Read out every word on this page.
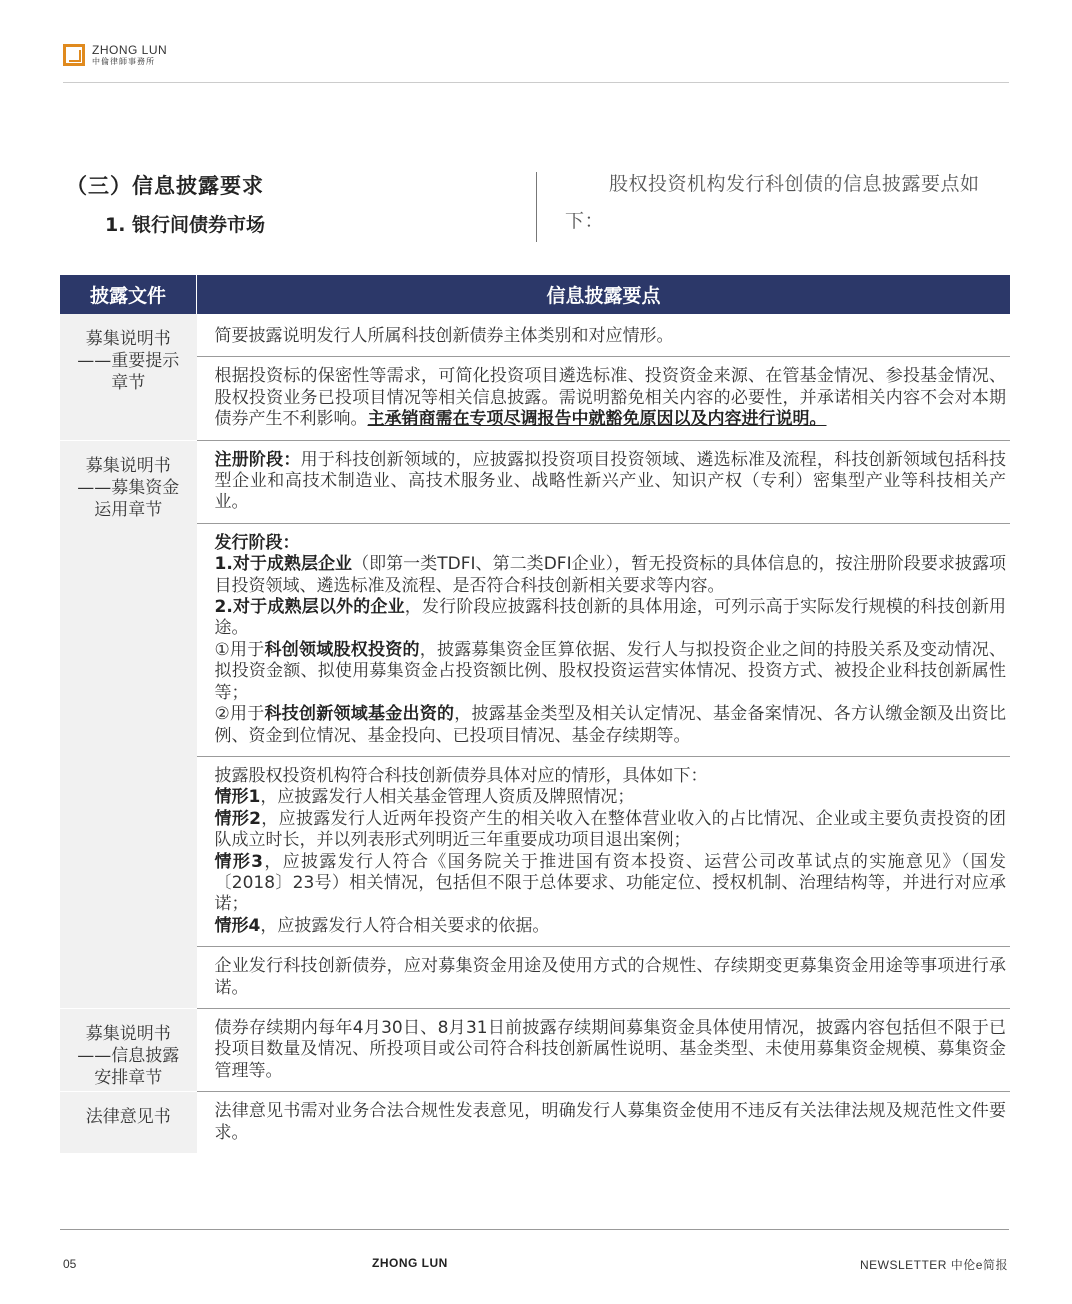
ZHONG LUN
中倫律師事務所
（三）信息披露要求
1. 银行间债券市场
股权投资机构发行科创债的信息披露要点如下：
披露文件	信息披露要点
募集说明书——重要提示章节	简要披露说明发行人所属科技创新债券主体类别和对应情形。

	根据投资标的保密性等需求，可简化投资项目遴选标准、投资资金来源、在管基金情况、参投基金情况、股权投资业务已投项目情况等相关信息披露。需说明豁免相关内容的必要性，并承诺相关内容不会对本期债券产生不利影响。主承销商需在专项尽调报告中就豁免原因以及内容进行说明。

募集说明书——募集资金运用章节	注册阶段：用于科技创新领域的，应披露拟投资项目投资领域、遴选标准及流程，科技创新领域包括科技型企业和高技术制造业、高技术服务业、战略性新兴产业、知识产权（专利）密集型产业等科技相关产业。

	发行阶段：

1.对于成熟层企业（即第一类TDFI、第二类DFI企业），暂无投资标的具体信息的，按注册阶段要求披露项目投资领域、遴选标准及流程、是否符合科技创新相关要求等内容。

2.对于成熟层以外的企业，发行阶段应披露科技创新的具体用途，可列示高于实际发行规模的科技创新用途。

①用于科创领域股权投资的，披露募集资金匡算依据、发行人与拟投资企业之间的持股关系及变动情况、拟投资金额、拟使用募集资金占投资额比例、股权投资运营实体情况、投资方式、被投企业科技创新属性等；

②用于科技创新领域基金出资的，披露基金类型及相关认定情况、基金备案情况、各方认缴金额及出资比例、资金到位情况、基金投向、已投项目情况、基金存续期等。

	披露股权投资机构符合科技创新债券具体对应的情形，具体如下：

情形1，应披露发行人相关基金管理人资质及牌照情况；

情形2，应披露发行人近两年投资产生的相关收入在整体营业收入的占比情况、企业或主要负责投资的团队成立时长，并以列表形式列明近三年重要成功项目退出案例；

情形3，应披露发行人符合《国务院关于推进国有资本投资、运营公司改革试点的实施意见》（国发〔2018〕23号）相关情况，包括但不限于总体要求、功能定位、授权机制、治理结构等，并进行对应承诺；

情形4，应披露发行人符合相关要求的依据。

	企业发行科技创新债券，应对募集资金用途及使用方式的合规性、存续期变更募集资金用途等事项进行承诺。

募集说明书——信息披露安排章节	债券存续期内每年4月30日、8月31日前披露存续期间募集资金具体使用情况，披露内容包括但不限于已投项目数量及情况、所投项目或公司符合科技创新属性说明、基金类型、未使用募集资金规模、募集资金管理等。

法律意见书	法律意见书需对业务合法合规性发表意见，明确发行人募集资金使用不违反有关法律法规及规范性文件要求。

05	ZHONG LUN	NEWSLETTER 中伦e简报
